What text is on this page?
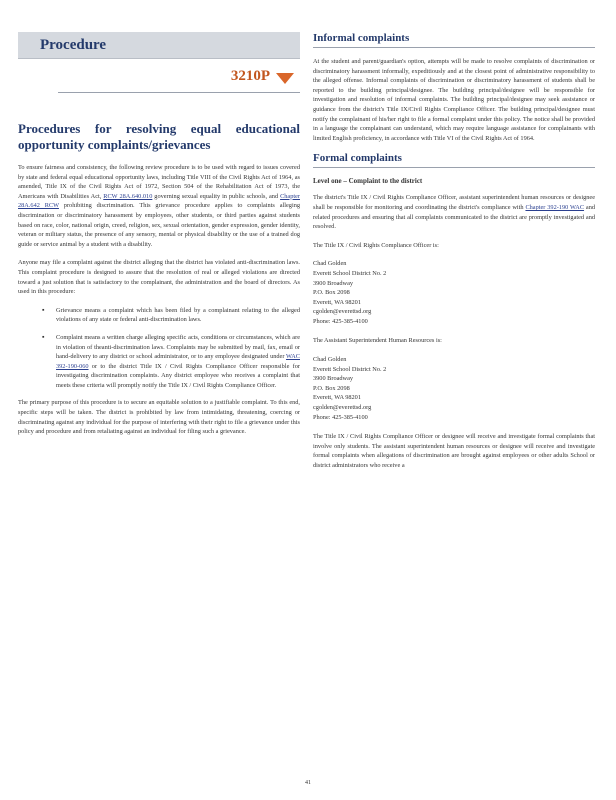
Procedure
3210P
Procedures for resolving equal educational opportunity complaints/grievances

To ensure fairness and consistency, the following review procedure is to be used with regard to issues covered by state and federal equal educational opportunity laws, including Title VIII of the Civil Rights Act of 1964, as amended, Title IX of the Civil Rights Act of 1972, Section 504 of the Rehabilitation Act of 1973, the Americans with Disabilities Act, RCW 28A.640.010 governing sexual equality in public schools, and Chapter 28A.642 RCW prohibiting discrimination. This grievance procedure applies to complaints alleging discrimination or discriminatory harassment by employees, other students, or third parties against students based on race, color, national origin, creed, religion, sex, sexual orientation, gender expression, gender identity, veteran or military status, the presence of any sensory, mental or physical disability or the use of a trained dog guide or service animal by a student with a disability.

Anyone may file a complaint against the district alleging that the district has violated anti-discrimination laws. This complaint procedure is designed to assure that the resolution of real or alleged violations are directed toward a just solution that is satisfactory to the complainant, the administration and the board of directors. As used in this procedure:

▪ Grievance means a complaint which has been filed by a complainant relating to the alleged violations of any state or federal anti-discrimination laws.
▪ Complaint means a written charge alleging specific acts, conditions or circumstances, which are in violation of theanti-discrimination laws. Complaints may be submitted by mail, fax, email or hand-delivery to any district or school administrator, or to any employee designated under WAC 392-190-060 or to the district Title IX / Civil Rights Compliance Officer responsible for investigating discrimination complaints. Any district employee who receives a complaint that meets these criteria will promptly notify the Title IX / Civil Rights Compliance Officer.

The primary purpose of this procedure is to secure an equitable solution to a justifiable complaint. To this end, specific steps will be taken. The district is prohibited by law from intimidating, threatening, coercing or discriminating against any individual for the purpose of interfering with their right to file a grievance under this policy and procedure and from retaliating against an individual for filing such a grievance.

Informal complaints

At the student and parent/guardian's option, attempts will be made to resolve complaints of discrimination or discriminatory harassment informally, expeditiously and at the closest point of administrative responsibility to the alleged offense. Informal complaints of discrimination or discriminatory harassment of students shall be reported to the building principal/designee. The building principal/designee will be responsible for investigation and resolution of informal complaints. The building principal/designee may seek assistance or guidance from the district's Title IX/Civil Rights Compliance Officer. The building principal/designee must notify the complainant of his/her right to file a formal complaint under this policy. The notice shall be provided in a language the complainant can understand, which may require language assistance for complainants with limited English proficiency, in accordance with Title VI of the Civil Rights Act of 1964.

Formal complaints
Level one – Complaint to the district

The district's Title IX / Civil Rights Compliance Officer, assistant superintendent human resources or designee shall be responsible for monitoring and coordinating the district's compliance with Chapter 392-190 WAC and related procedures and ensuring that all complaints communicated to the district are promptly investigated and resolved.

The Title IX / Civil Rights Compliance Officer is:

Chad Golden
Everett School District No. 2
3900 Broadway
P.O. Box 2098
Everett, WA 98201
cgolden@everettsd.org
Phone: 425-385-4100

The Assistant Superintendent Human Resources is:

Chad Golden
Everett School District No. 2
3900 Broadway
P.O. Box 2098
Everett, WA 98201
cgolden@everettsd.org
Phone: 425-385-4100

The Title IX / Civil Rights Compliance Officer or designee will receive and investigate formal complaints that involve only students. The assistant superintendent human resources or designee will receive and investigate formal complaints when allegations of discrimination are brought against employees or other adults School or district administrators who receive a

41
